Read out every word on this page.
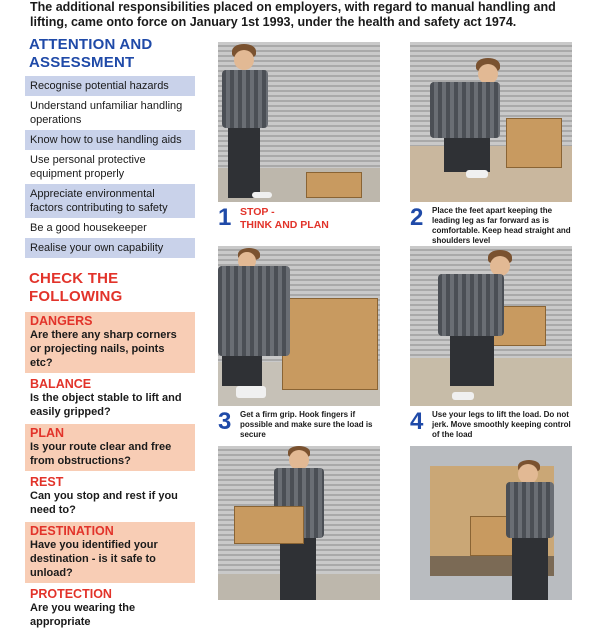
The additional responsibilities placed on employers, with regard to manual handling and lifting, came onto force on January 1st 1993, under the health and safety act 1974.
ATTENTION AND ASSESSMENT
Recognise potential hazards
Understand unfamiliar handling operations
Know how to use handling aids
Use personal protective equipment properly
Appreciate environmental factors contributing to safety
Be a good housekeeper
Realise your own capability
CHECK THE FOLLOWING
DANGERS
Are there any sharp corners or projecting nails, points etc?
BALANCE
Is the object stable to lift and easily gripped?
PLAN
Is your route clear and free from obstructions?
REST
Can you stop and rest if you need to?
DESTINATION
Have you identified your destination - is it safe to unload?
PROTECTION
Are you wearing the appropriate
1 STOP -
THINK AND PLAN	2	Place the feet apart keeping the leading leg as far forward as is comfortable. Keep head straight and shoulders level
3	Get a firm grip. Hook fingers if possible and make sure the load is secure	4	Use your legs to lift the load. Do not jerk. Move smoothly keeping control of the load
